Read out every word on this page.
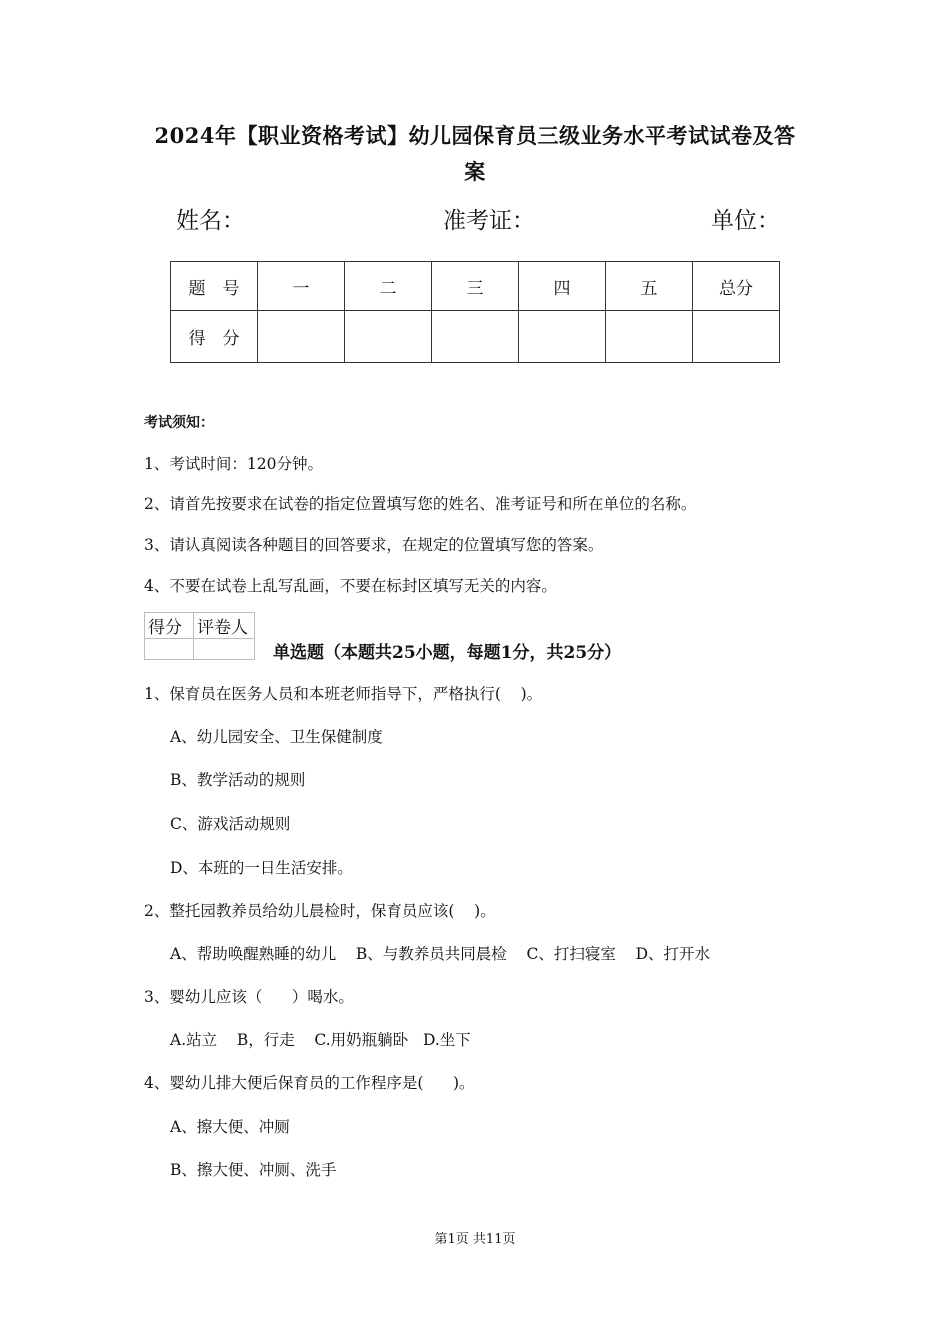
2024年【职业资格考试】幼儿园保育员三级业务水平考试试卷及答
案
姓名：	准考证：	单位：
题　号	一	二	三	四	五	总分
得　分						
考试须知：
1、考试时间：120分钟。
2、请首先按要求在试卷的指定位置填写您的姓名、准考证号和所在单位的名称。
3、请认真阅读各种题目的回答要求，在规定的位置填写您的答案。
4、不要在试卷上乱写乱画，不要在标封区填写无关的内容。
得分	评卷人

单选题（本题共25小题，每题1分，共25分）
1、保育员在医务人员和本班老师指导下，严格执行(    )。
A、幼儿园安全、卫生保健制度
B、教学活动的规则
C、游戏活动规则
D、本班的一日生活安排。
2、整托园教养员给幼儿晨检时，保育员应该(    )。
A、帮助唤醒熟睡的幼儿    B、与教养员共同晨检    C、打扫寝室    D、打开水
3、婴幼儿应该（      ）喝水。
A.站立    B，行走    C.用奶瓶躺卧   D.坐下
4、婴幼儿排大便后保育员的工作程序是(      )。
A、擦大便、冲厕
B、擦大便、冲厕、洗手
第1页 共11页
